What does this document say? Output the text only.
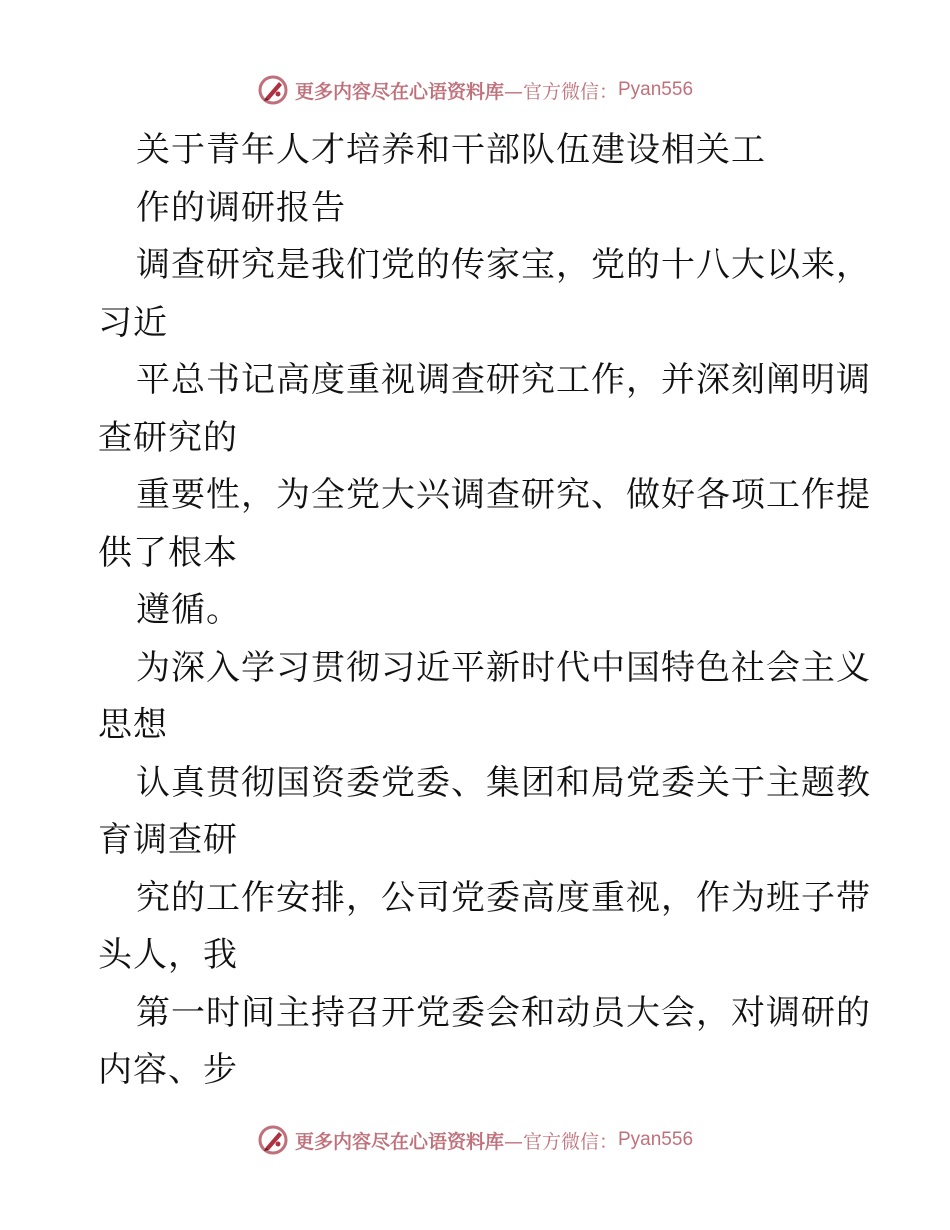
更多内容尽在心语资料库 —官方微信： Pyan556
关于青年人才培养和干部队伍建设相关工
作的调研报告
调查研究是我们党的传家宝，党的十八大以来，
习近
平总书记高度重视调查研究工作，并深刻阐明调
查研究的
重要性，为全党大兴调查研究、做好各项工作提
供了根本
遵循。
为深入学习贯彻习近平新时代中国特色社会主义
思想
认真贯彻国资委党委、集团和局党委关于主题教
育调查研
究的工作安排，公司党委高度重视，作为班子带
头人，我
第一时间主持召开党委会和动员大会，对调研的
内容、步
更多内容尽在心语资料库 —官方微信： Pyan556
